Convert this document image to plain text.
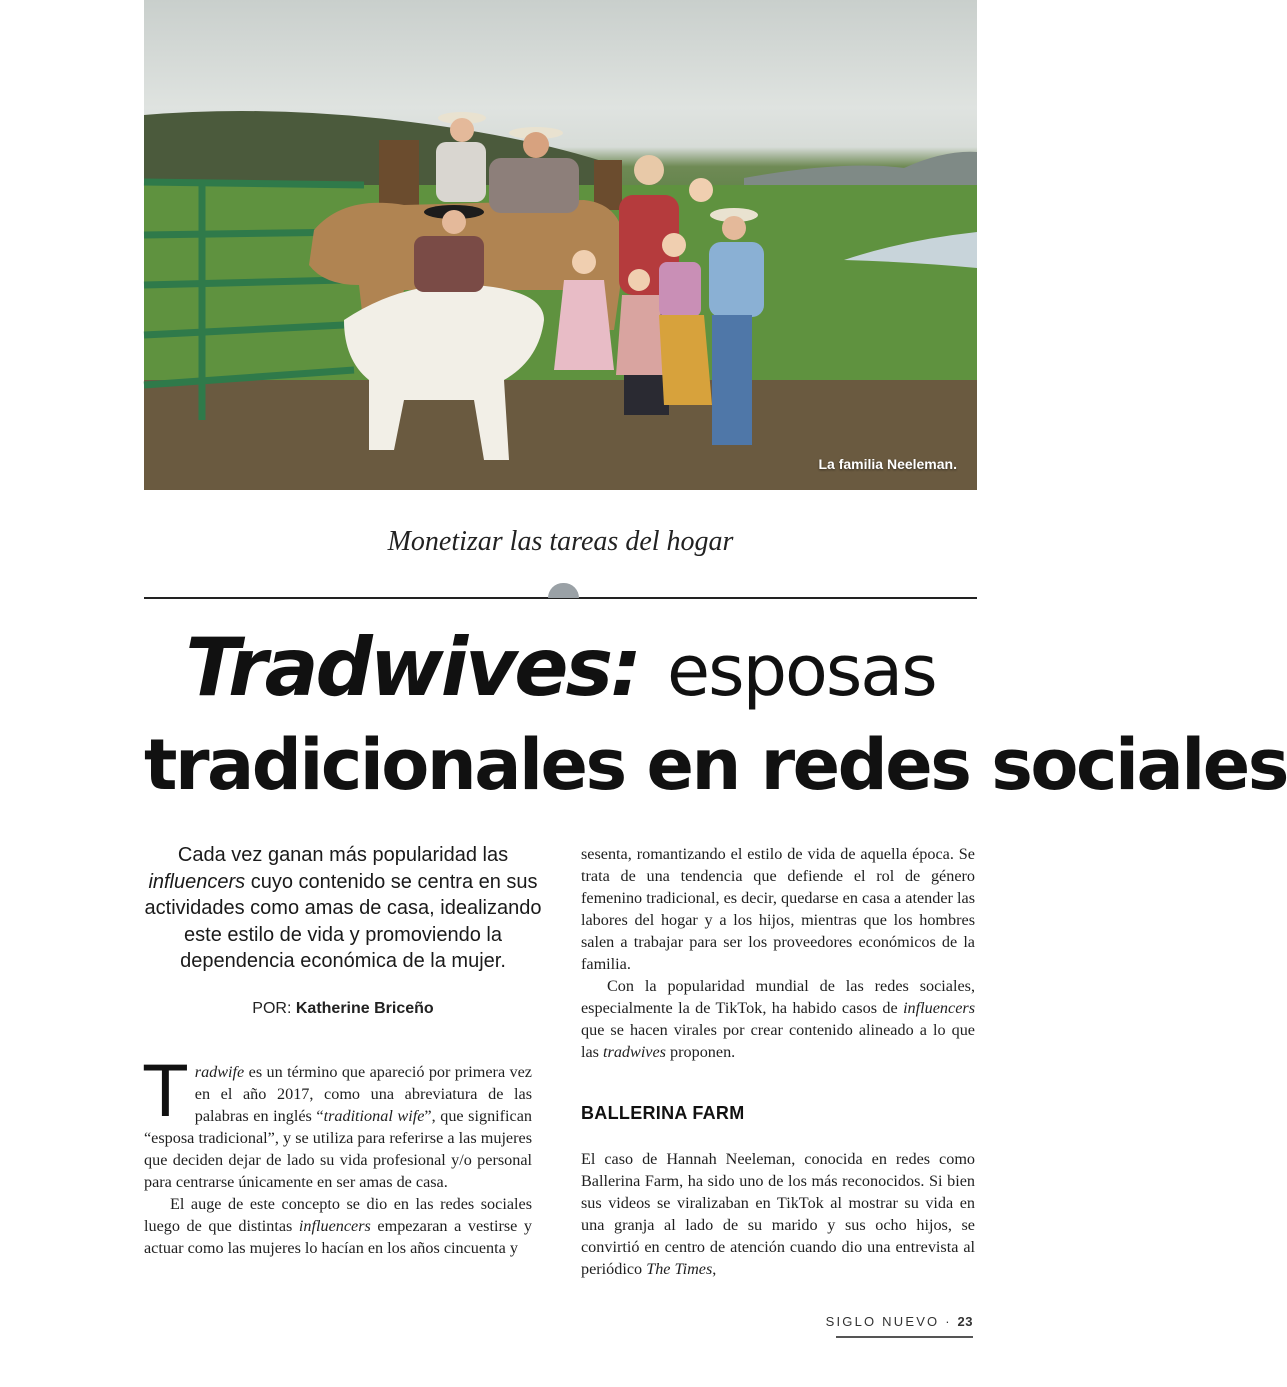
La familia Neeleman.
Monetizar las tareas del hogar
Tradwives: esposas
tradicionales en redes sociales

Cada vez ganan más popularidad las influencers cuyo contenido se centra en sus actividades como amas de casa, idealizando este estilo de vida y promoviendo la dependencia económica de la mujer.

POR: Katherine Briceño

Tradwife es un término que apareció por primera vez en el año 2017, como una abreviatura de las palabras en inglés “traditional wife”, que significan “esposa tradicional”, y se utiliza para referirse a las mujeres que deciden dejar de lado su vida profesional y/o personal para centrarse únicamente en ser amas de casa.

El auge de este concepto se dio en las redes sociales luego de que distintas influencers empezaran a vestirse y actuar como las mujeres lo hacían en los años cincuenta y

sesenta, romantizando el estilo de vida de aquella época. Se trata de una tendencia que defiende el rol de género femenino tradicional, es decir, quedarse en casa a atender las labores del hogar y a los hijos, mientras que los hombres salen a trabajar para ser los proveedores económicos de la familia.

Con la popularidad mundial de las redes sociales, especialmente la de TikTok, ha habido casos de influencers que se hacen virales por crear contenido alineado a lo que las tradwives proponen.

BALLERINA FARM

El caso de Hannah Neeleman, conocida en redes como Ballerina Farm, ha sido uno de los más reconocidos. Si bien sus videos se viralizaban en TikTok al mostrar su vida en una granja al lado de su marido y sus ocho hijos, se convirtió en centro de atención cuando dio una entrevista al periódico The Times,

SIGLO NUEVO · 23
